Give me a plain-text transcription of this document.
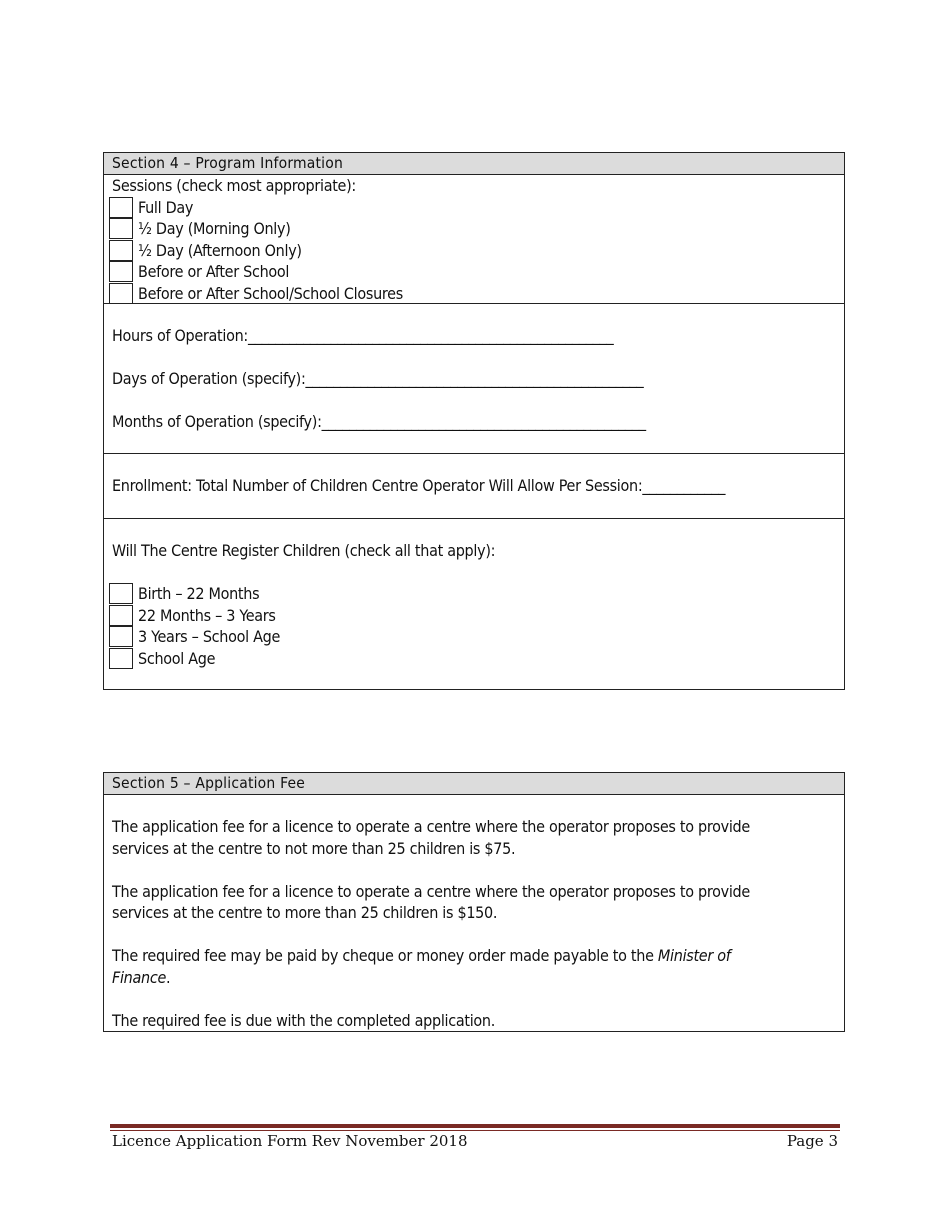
Section 4 – Program Information
Sessions (check most appropriate):
Full Day
½ Day (Morning Only)
½ Day (Afternoon Only)
Before or After School
Before or After School/School Closures
Hours of Operation:_____________________________________________________
Days of Operation (specify):_________________________________________________
Months of Operation (specify):_______________________________________________
Enrollment: Total Number of Children Centre Operator Will Allow Per Session:____________
Will The Centre Register Children (check all that apply):
Birth – 22 Months
22 Months – 3 Years
3 Years – School Age
School Age
Section 5 – Application Fee
The application fee for a licence to operate a centre where the operator proposes to provide
services at the centre to not more than 25 children is $75.
The application fee for a licence to operate a centre where the operator proposes to provide
services at the centre to more than 25 children is $150.
The required fee may be paid by cheque or money order made payable to the Minister of
Finance.
The required fee is due with the completed application.
Licence Application Form Rev November 2018	Page 3
